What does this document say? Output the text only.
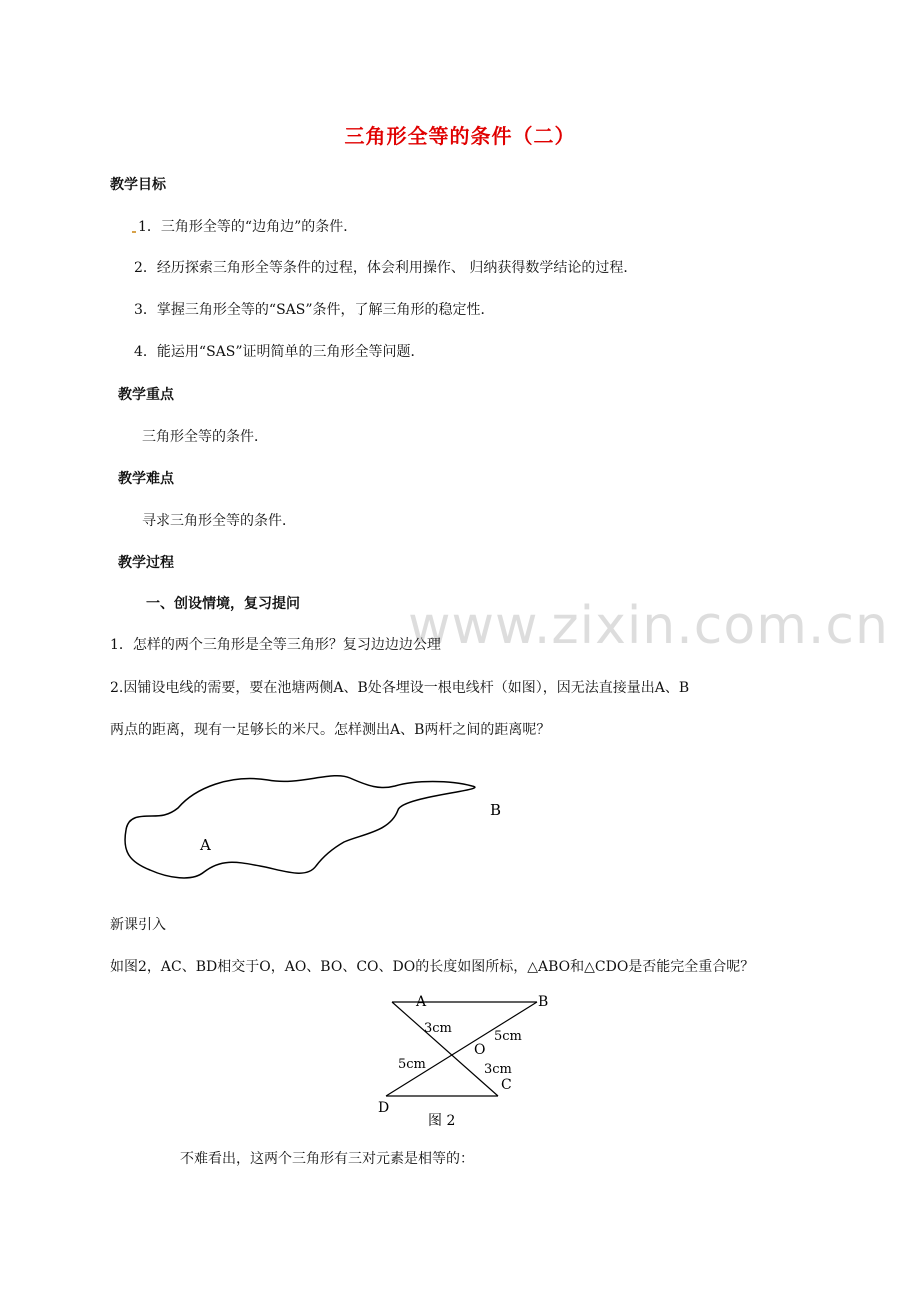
三角形全等的条件（二）
教学目标
1．三角形全等的“边角边”的条件．
2．经历探索三角形全等条件的过程，体会利用操作、 归纳获得数学结论的过程．
3．掌握三角形全等的“SAS”条件，了解三角形的稳定性．
4．能运用“SAS”证明简单的三角形全等问题．
教学重点
三角形全等的条件．
教学难点
寻求三角形全等的条件．
教学过程
一、创设情境，复习提问 www.zixin.com.cn
1．怎样的两个三角形是全等三角形？复习边边边公理
2.因铺设电线的需要，要在池塘两侧A、B处各埋设一根电线杆（如图），因无法直接量出A、B
两点的距离，现有一足够长的米尺。怎样测出A、B两杆之间的距离呢？
A
B
新课引入
如图2，AC、BD相交于O，AO、BO、CO、DO的长度如图所标，△ABO和△CDO是否能完全重合呢？
A	B
C
D
O
3cm
5cm
5cm	3cm
图 2
不难看出，这两个三角形有三对元素是相等的：
